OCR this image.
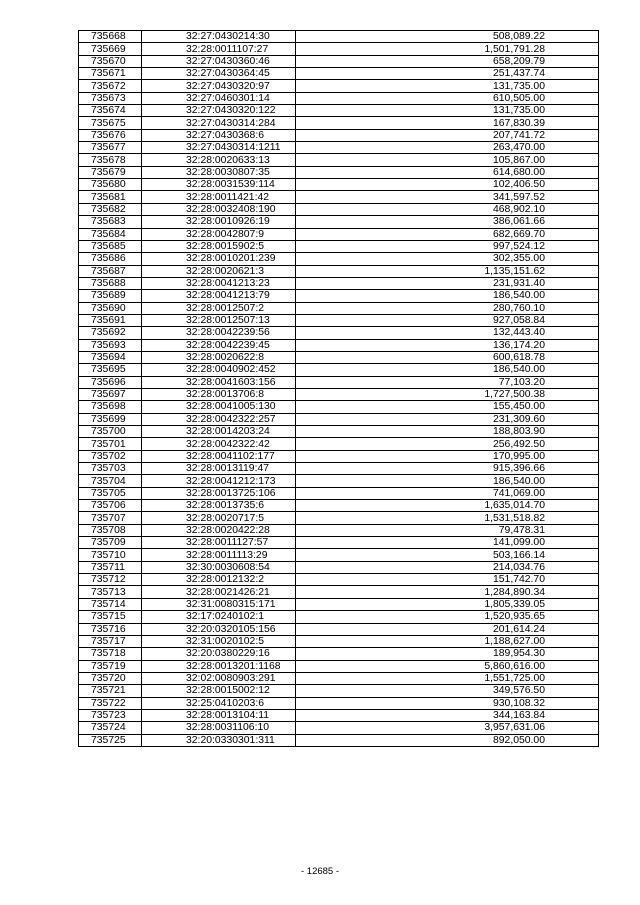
735668	32:27:0430214:30	508,089.22
735669	32:28:0011107:27	1,501,791.28
735670	32:27:0430360:46	658,209.79
735671	32:27:0430364:45	251,437.74
735672	32:27:0430320:97	131,735.00
735673	32:27:0460301:14	610,505.00
735674	32:27:0430320:122	131,735.00
735675	32:27:0430314:284	167,830.39
735676	32:27:0430368:6	207,741.72
735677	32:27:0430314:1211	263,470.00
735678	32:28:0020633:13	105,867.00
735679	32:28:0030807:35	614,680.00
735680	32:28:0031539:114	102,406.50
735681	32:28:0011421:42	341,597.52
735682	32:28:0032408:190	468,902.10
735683	32:28:0010926:19	386,061.66
735684	32:28:0042807:9	682,669.70
735685	32:28:0015902:5	997,524.12
735686	32:28:0010201:239	302,355.00
735687	32:28:0020621:3	1,135,151.62
735688	32:28:0041213:23	231,931.40
735689	32:28:0041213:79	186,540.00
735690	32:28:0012507:2	280,760.10
735691	32:28:0012507:13	927,058.84
735692	32:28:0042239:56	132,443.40
735693	32:28:0042239:45	136,174.20
735694	32:28:0020622:8	600,618.78
735695	32:28:0040902:452	186,540.00
735696	32:28:0041603:156	77,103.20
735697	32:28:0013706:8	1,727,500.38
735698	32:28:0041005:130	155,450.00
735699	32:28:0042322:257	231,309.60
735700	32:28:0014203:24	188,803.90
735701	32:28:0042322:42	256,492.50
735702	32:28:0041102:177	170,995.00
735703	32:28:0013119:47	915,396.66
735704	32:28:0041212:173	186,540.00
735705	32:28:0013725:106	741,069.00
735706	32:28:0013735:6	1,635,014.70
735707	32:28:0020717:5	1,531,518.82
735708	32:28:0020422:28	79,478.31
735709	32:28:0011127:57	141,099.00
735710	32:28:0011113:29	503,166.14
735711	32:30:0030608:54	214,034.76
735712	32:28:0012132:2	151,742.70
735713	32:28:0021426:21	1,284,890.34
735714	32:31:0080315:171	1,805,339.05
735715	32:17:0240102:1	1,520,935.65
735716	32:20:0320105:156	201,614.24
735717	32:31:0020102:5	1,188,627.00
735718	32:20:0380229:16	189,954.30
735719	32:28:0013201:1168	5,860,616.00
735720	32:02:0080903:291	1,551,725.00
735721	32:28:0015002:12	349,576.50
735722	32:25:0410203:6	930,108.32
735723	32:28:0013104:11	344,163.84
735724	32:28:0031106:10	3,957,631.06
735725	32:20:0330301:311	892,050.00
- 12685 -
